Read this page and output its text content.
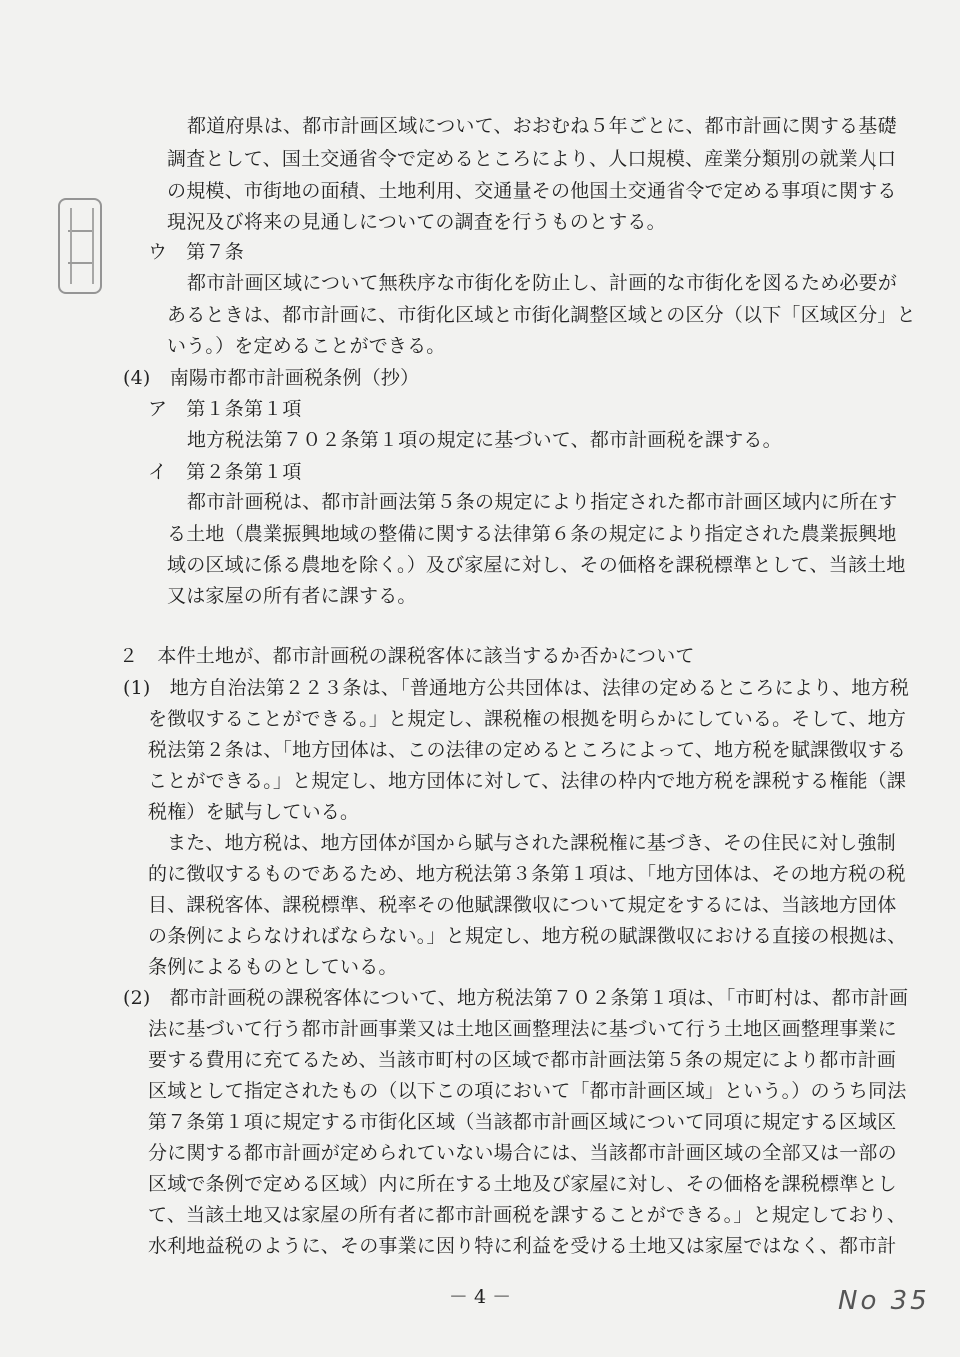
都道府県は、都市計画区域について、おおむね５年ごとに、都市計画に関する基礎
調査として、国土交通省令で定めるところにより、人口規模、産業分類別の就業人口
の規模、市街地の面積、土地利用、交通量その他国土交通省令で定める事項に関する
現況及び将来の見通しについての調査を行うものとする。
ウ　第７条
都市計画区域について無秩序な市街化を防止し、計画的な市街化を図るため必要が
あるときは、都市計画に、市街化区域と市街化調整区域との区分（以下「区域区分」と
いう。）を定めることができる。
(4)　南陽市都市計画税条例（抄）
ア　第１条第１項
地方税法第７０２条第１項の規定に基づいて、都市計画税を課する。
イ　第２条第１項
都市計画税は、都市計画法第５条の規定により指定された都市計画区域内に所在す
る土地（農業振興地域の整備に関する法律第６条の規定により指定された農業振興地
域の区域に係る農地を除く。）及び家屋に対し、その価格を課税標準として、当該土地
又は家屋の所有者に課する。
２　本件土地が、都市計画税の課税客体に該当するか否かについて
(1)　地方自治法第２２３条は、「普通地方公共団体は、法律の定めるところにより、地方税
を徴収することができる。」と規定し、課税権の根拠を明らかにしている。そして、地方
税法第２条は、「地方団体は、この法律の定めるところによって、地方税を賦課徴収する
ことができる。」と規定し、地方団体に対して、法律の枠内で地方税を課税する権能（課
税権）を賦与している。
また、地方税は、地方団体が国から賦与された課税権に基づき、その住民に対し強制
的に徴収するものであるため、地方税法第３条第１項は、「地方団体は、その地方税の税
目、課税客体、課税標準、税率その他賦課徴収について規定をするには、当該地方団体
の条例によらなければならない。」と規定し、地方税の賦課徴収における直接の根拠は、
条例によるものとしている。
(2)　都市計画税の課税客体について、地方税法第７０２条第１項は、「市町村は、都市計画
法に基づいて行う都市計画事業又は土地区画整理法に基づいて行う土地区画整理事業に
要する費用に充てるため、当該市町村の区域で都市計画法第５条の規定により都市計画
区域として指定されたもの（以下この項において「都市計画区域」という。）のうち同法
第７条第１項に規定する市街化区域（当該都市計画区域について同項に規定する区域区
分に関する都市計画が定められていない場合には、当該都市計画区域の全部又は一部の
区域で条例で定める区域）内に所在する土地及び家屋に対し、その価格を課税標準とし
て、当該土地又は家屋の所有者に都市計画税を課することができる。」と規定しており、
水利地益税のように、その事業に因り特に利益を受ける土地又は家屋ではなく、都市計
－ 4 －	No 35
